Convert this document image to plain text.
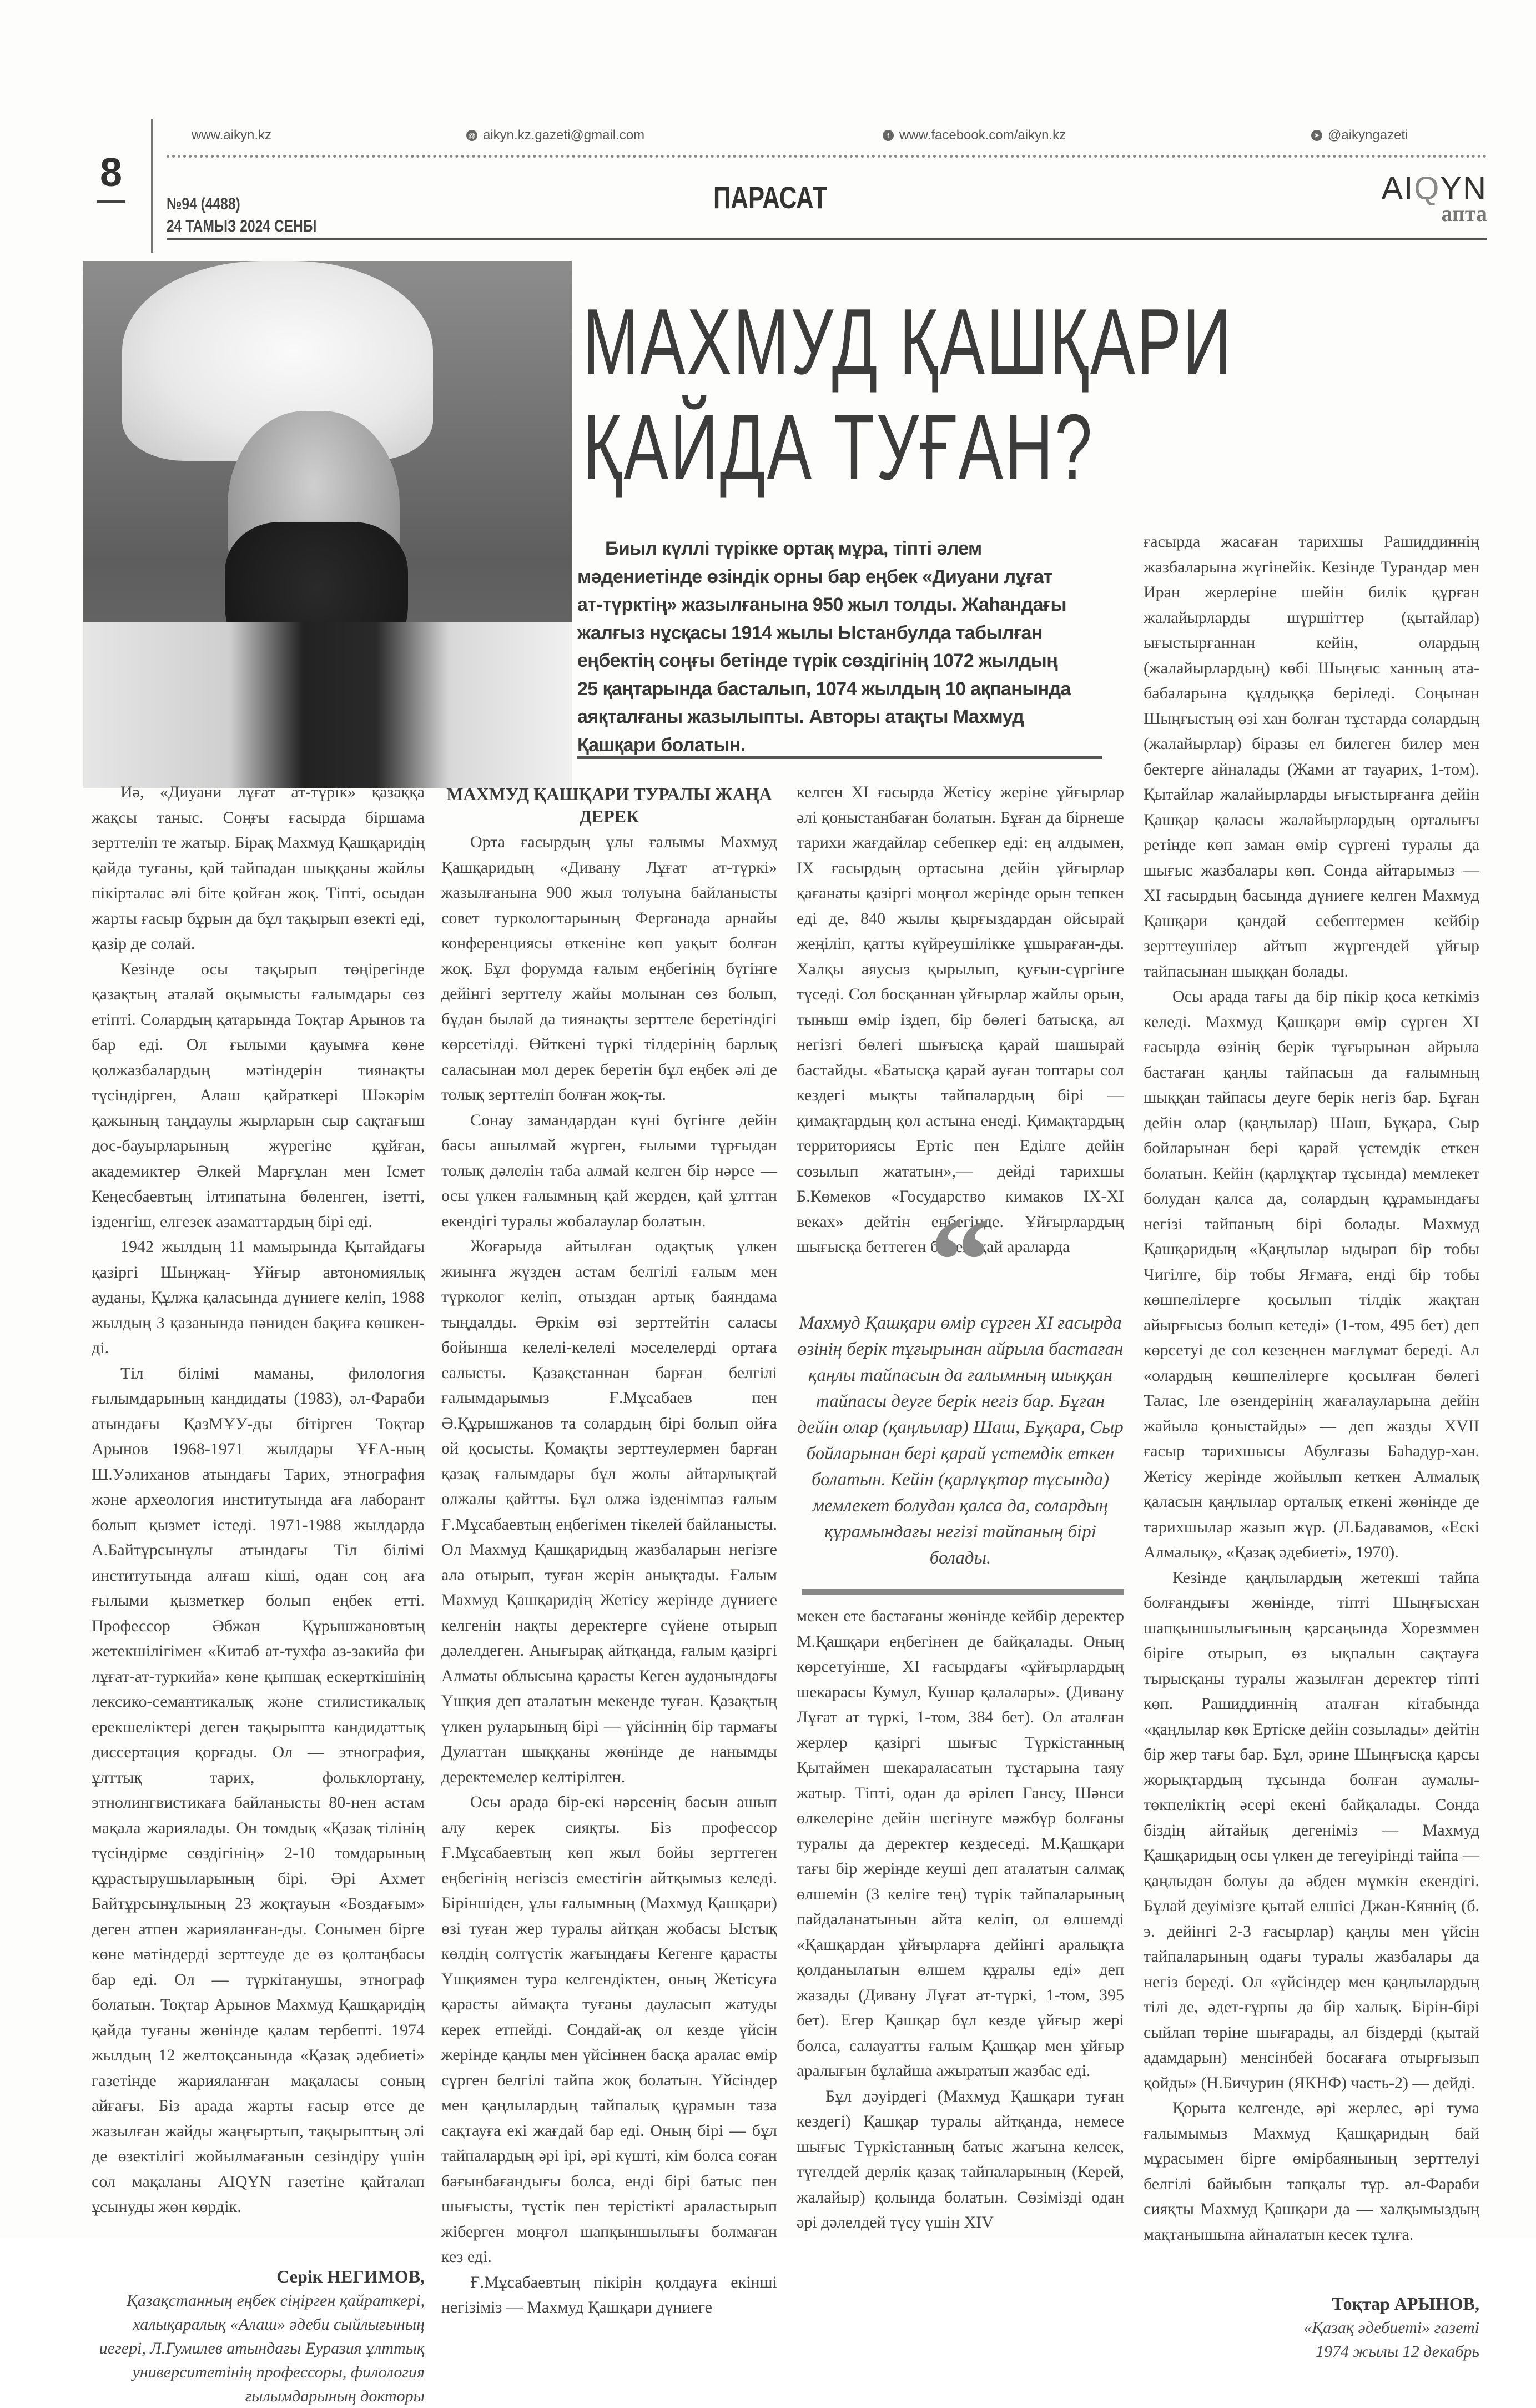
8
www.aikyn.kz	@ aikyn.kz.gazeti@gmail.com	f www.facebook.com/aikyn.kz	➤ @aikyngazeti
№94 (4488)
24 ТАМЫЗ 2024 СЕНБІ
ПАРАСАТ	AIQYN
апта
МАХМУД ҚАШҚАРИ
ҚАЙДА ТУҒАН?
Биыл күллі түрікке ортақ мұра, тіпті әлем мәдениетінде өзіндік орны бар еңбек «Диуани лұғат ат-түрктің» жазылғанына 950 жыл толды. Жаһандағы жалғыз нұсқасы 1914 жылы Ыстанбулда табылған еңбектің соңғы бетінде түрік сөздігінің 1072 жылдың 25 қаңтарында басталып, 1074 жылдың 10 ақпанында аяқталғаны жазылыпты. Авторы атақты Махмуд Қашқари болатын.

Иә, «Диуани лұғат ат-түрік» қазаққа жақсы таныс. Соңғы ғасырда біршама зерттеліп те жатыр. Бірақ Махмуд Қашқаридің қайда туғаны, қай тайпадан шыққаны жайлы пікірталас әлі біте қойған жоқ. Тіпті, осыдан жарты ғасыр бұрын да бұл тақырып өзекті еді, қазір де солай.

Кезінде осы тақырып төңірегінде қазақтың аталай оқымысты ғалымдары сөз етіпті. Солардың қатарында Тоқтар Арынов та бар еді. Ол ғылыми қауымға көне қолжазбалардың мәтіндерін тиянақты түсіндірген, Алаш қайраткері Шәкәрім қажының таңдаулы жырларын сыр сақтағыш дос-бауырларының жүрегіне құйған, академиктер Әлкей Марғұлан мен Ісмет Кеңесбаевтың ілтипатына бөленген, ізетті, ізденгіш, елгезек азаматтардың бірі еді.

1942 жылдың 11 мамырында Қытайдағы қазіргі Шыңжаң- Ұйғыр автономиялық ауданы, Құлжа қаласында дүниеге келіп, 1988 жылдың 3 қазанында пәниден бақиға көшкен-ді.

Тіл білімі маманы, филология ғылымдарының кандидаты (1983), әл-Фараби атындағы ҚазМҰУ-ды бітірген Тоқтар Арынов 1968-1971 жылдары ҰҒА-ның Ш.Уәлиханов атындағы Тарих, этнография және археология институтында аға лаборант болып қызмет істеді. 1971-1988 жылдарда А.Байтұрсынұлы атындағы Тіл білімі институтында алғаш кіші, одан соң аға ғылыми қызметкер болып еңбек етті. Профессор Әбжан Құрышжановтың жетекшілігімен «Китаб ат-тухфа аз-закийа фи лұғат-ат-туркийа» көне қыпшақ ескерткішінің лексико-семантикалық және стилистикалық ерекшеліктері деген тақырыпта кандидаттық диссертация қорғады. Ол — этнография, ұлттық тарих, фольклортану, этнолингвистикаға байланысты 80-нен астам мақала жариялады. Он томдық «Қазақ тілінің түсіндірме сөздігінің» 2-10 томдарының құрастырушыларының бірі. Әрі Ахмет Байтұрсынұлының 23 жоқтауын «Боздағым» деген атпен жарияланған-ды. Сонымен бірге көне мәтіндерді зерттеуде де өз қолтаңбасы бар еді. Ол — түркітанушы, этнограф болатын. Тоқтар Арынов Махмуд Қашқаридің қайда туғаны жөнінде қалам тербепті. 1974 жылдың 12 желтоқсанында «Қазақ әдебиеті» газетінде жарияланған мақаласы соның айғағы. Біз арада жарты ғасыр өтсе де жазылған жайды жаңғыртып, тақырыптың әлі де өзектілігі жойылмағанын сезіндіру үшін сол мақаланы AIQYN газетіне қайталап ұсынуды жөн көрдік.

Серік НЕГИМОВ,
Қазақстанның еңбек сіңірген қайраткері, халықаралық «Алаш» әдеби сыйлығының иегері, Л.Гумилев атындағы Еуразия ұлттық университетінің профессоры, филология ғылымдарының докторы
МАХМУД ҚАШҚАРИ ТУРАЛЫ ЖАҢА ДЕРЕК

Орта ғасырдың ұлы ғалымы Махмуд Қашқаридың «Дивану Лұғат ат-түркі» жазылғанына 900 жыл толуына байланысты совет туркологтарының Ферғанада арнайы конференциясы өткеніне көп уақыт болған жоқ. Бұл форумда ғалым еңбегінің бүгінге дейінгі зерттелу жайы молынан сөз болып, бұдан былай да тиянақты зерттеле беретіндігі көрсетілді. Өйткені түркі тілдерінің барлық саласынан мол дерек беретін бұл еңбек әлі де толық зерттеліп болған жоқ-ты.

Сонау замандардан күні бүгінге дейін басы ашылмай жүрген, ғылыми тұрғыдан толық дәлелін таба алмай келген бір нәрсе — осы үлкен ғалымның қай жерден, қай ұлттан екендігі туралы жобалаулар болатын.

Жоғарыда айтылған одақтық үлкен жиынға жүзден астам белгілі ғалым мен түрколог келіп, отыздан артық баяндама тыңдалды. Әркім өзі зерттейтін саласы бойынша келелі-келелі мәселелерді ортаға салысты. Қазақстаннан барған белгілі ғалымдарымыз Ғ.Мұсабаев пен Ә.Құрышжанов та солардың бірі болып ойға ой қосысты. Қомақты зерттеулермен барған қазақ ғалымдары бұл жолы айтарлықтай олжалы қайтты. Бұл олжа ізденімпаз ғалым Ғ.Мұсабаевтың еңбегімен тікелей байланысты. Ол Махмуд Қашқаридың жазбаларын негізге ала отырып, туған жерін анықтады. Ғалым Махмуд Қашқаридің Жетісу жерінде дүниеге келгенін нақты деректерге сүйене отырып дәлелдеген. Анығырақ айтқанда, ғалым қазіргі Алматы облысына қарасты Кеген ауданындағы Үшқия деп аталатын мекенде туған. Қазақтың үлкен руларының бірі — үйсіннің бір тармағы Дулаттан шыққаны жөнінде де нанымды деректемелер келтірілген.

Осы арада бір-екі нәрсенің басын ашып алу керек сияқты. Біз профессор Ғ.Мұсабаевтың көп жыл бойы зерттеген еңбегінің негізсіз еместігін айтқымыз келеді. Біріншіден, ұлы ғалымның (Махмуд Қашқари) өзі туған жер туралы айтқан жобасы Ыстық көлдің солтүстік жағындағы Кегенге қарасты Үшқиямен тура келгендіктен, оның Жетісуға қарасты аймақта туғаны дауласып жатуды керек етпейді. Сондай-ақ ол кезде үйсін жерінде қаңлы мен үйсіннен басқа аралас өмір сүрген белгілі тайпа жоқ болатын. Үйсіндер мен қаңлылардың тайпалық құрамын таза сақтауға екі жағдай бар еді. Оның бірі — бұл тайпалардың әрі ірі, әрі күшті, кім болса соған бағынбағандығы болса, енді бірі батыс пен шығысты, түстік пен терістікті араластырып жіберген моңғол шапқыншылығы болмаған кез еді.

Ғ.Мұсабаевтың пікірін қолдауға екінші негізіміз — Махмуд Қашқари дүниеге

келген XI ғасырда Жетісу жеріне ұйғырлар әлі қоныстанбаған болатын. Бұған да бірнеше тарихи жағдайлар себепкер еді: ең алдымен, IX ғасырдың ортасына дейін ұйғырлар қағанаты қазіргі моңғол жерінде орын тепкен еді де, 840 жылы қырғыздардан ойсырай жеңіліп, қатты күйреушілікке ұшыраған-ды. Халқы аяусыз қырылып, қуғын-сүргінге түседі. Сол босқаннан ұйғырлар жайлы орын, тыныш өмір іздеп, бір бөлегі батысқа, ал негізгі бөлегі шығысқа қарай шашырай бастайды. «Батысқа қарай ауған топтары сол кездегі мықты тайпалардың бірі — қимақтардың қол астына енеді. Қимақтардың территориясы Ертіс пен Еділге дейін созылып жататын»,— дейді тарихшы Б.Көмеков «Государство кимаков IX-XI веках» дейтін еңбегінде. Ұйғырлардың шығысқа беттеген бөлегі қай араларда

“
Махмуд Қашқари өмір сүрген XI ғасырда өзінің берік тұғырынан айрыла бастаған қаңлы тайпасын да ғалымның шыққан тайпасы деуге берік негіз бар. Бұған дейін олар (қаңлылар) Шаш, Бұқара, Сыр бойларынан бері қарай үстемдік еткен болатын. Кейін (қарлұқтар тұсында) мемлекет болудан қалса да, солардың құрамындағы негізі тайпаның бірі болады.

мекен ете бастағаны жөнінде кейбір деректер М.Қашқари еңбегінен де байқалады. Оның көрсетуінше, XI ғасырдағы «ұйғырлардың шекарасы Кумул, Кушар қалалары». (Дивану Лұғат ат түркі, 1-том, 384 бет). Ол аталған жерлер қазіргі шығыс Түркістанның Қытаймен шекараласатын тұстарына таяу жатыр. Тіпті, одан да әрілеп Гансу, Шәнси өлкелеріне дейін шегінуге мәжбүр болғаны туралы да деректер кездеседі. М.Қашқари тағы бір жерінде кеуші деп аталатын салмақ өлшемін (3 келіге тең) түрік тайпаларының пайдаланатынын айта келіп, ол өлшемді «Қашқардан ұйғырларға дейінгі аралықта қолданылатын өлшем құралы еді» деп жазады (Дивану Лұғат ат-түркі, 1-том, 395 бет). Егер Қашқар бұл кезде ұйғыр жері болса, салауатты ғалым Қашқар мен ұйғыр аралығын бұлайша ажыратып жазбас еді.

Бұл дәуірдегі (Махмуд Қашқари туған кездегі) Қашқар туралы айтқанда, немесе шығыс Түркістанның батыс жағына келсек, түгелдей дерлік қазақ тайпаларының (Керей, жалайыр) қолында болатын. Сөзімізді одан әрі дәлелдей түсу үшін XIV

ғасырда жасаған тарихшы Рашиддиннің жазбаларына жүгінейік. Кезінде Турандар мен Иран жерлеріне шейін билік құрған жалайырларды шүршіттер (қытайлар) ығыстырғаннан кейін, олардың (жалайырлардың) көбі Шыңғыс ханның ата-бабаларына құлдыққа беріледі. Соңынан Шыңғыстың өзі хан болған тұстарда солардың (жалайырлар) біразы ел билеген билер мен бектерге айналады (Жами ат тауарих, 1-том). Қытайлар жалайырларды ығыстырғанға дейін Қашқар қаласы жалайырлардың орталығы ретінде көп заман өмір сүргені туралы да шығыс жазбалары көп. Сонда айтарымыз — XI ғасырдың басында дүниеге келген Махмуд Қашқари қандай себептермен кейбір зерттеушілер айтып жүргендей ұйғыр тайпасынан шыққан болады.

Осы арада тағы да бір пікір қоса кеткіміз келеді. Махмуд Қашқари өмір сүрген XI ғасырда өзінің берік тұғырынан айрыла бастаған қаңлы тайпасын да ғалымның шыққан тайпасы деуге берік негіз бар. Бұған дейін олар (қаңлылар) Шаш, Бұқара, Сыр бойларынан бері қарай үстемдік еткен болатын. Кейін (қарлұқтар тұсында) мемлекет болудан қалса да, солардың құрамындағы негізі тайпаның бірі болады. Махмуд Қашқаридың «Қаңлылар ыдырап бір тобы Чигілге, бір тобы Яғмаға, енді бір тобы көшпелілерге қосылып тілдік жақтан айырғысыз болып кетеді» (1-том, 495 бет) деп көрсетуі де сол кезеңнен мағлұмат береді. Ал «олардың көшпелілерге қосылған бөлегі Талас, Іле өзендерінің жағалауларына дейін жайыла қоныстайды» — деп жазды XVII ғасыр тарихшысы Абулғазы Баһадур-хан. Жетісу жерінде жойылып кеткен Алмалық қаласын қаңлылар орталық еткені жөнінде де тарихшылар жазып жүр. (Л.Бадавамов, «Ескі Алмалық», «Қазақ әдебиеті», 1970).

Кезінде қаңлылардың жетекші тайпа болғандығы жөнінде, тіпті Шыңғысхан шапқыншылығының қарсаңында Хорезммен біріге отырып, өз ықпалын сақтауға тырысқаны туралы жазылған деректер тіпті көп. Рашиддиннің аталған кітабында «қаңлылар көк Ертіске дейін созылады» дейтін бір жер тағы бар. Бұл, әрине Шыңғысқа қарсы жорықтардың тұсында болған аумалы-төкпеліктің әсері екені байқалады. Сонда біздің айтайық дегеніміз — Махмуд Қашқаридың осы үлкен де тегеуірінді тайпа — қаңлыдан болуы да әбден мүмкін екендігі. Бұлай деуімізге қытай елшісі Джан-Кяннің (б. э. дейінгі 2-3 ғасырлар) қаңлы мен үйсін тайпаларының одағы туралы жазбалары да негіз береді. Ол «үйсіндер мен қаңлылардың тілі де, әдет-ғұрпы да бір халық. Бірін-бірі сыйлап төріне шығарады, ал біздерді (қытай адамдарын) менсінбей босағаға отырғызып қойды» (Н.Бичурин (ЯКНФ) часть-2) — дейді.

Қорыта келгенде, әрі жерлес, әрі тума ғалымымыз Махмуд Қашқаридың бай мұрасымен бірге өмірбаянының зерттелуі белгілі байыбын тапқалы тұр. әл-Фараби сияқты Махмуд Қашқари да — халқымыздың мақтанышына айналатын кесек тұлға.

Тоқтар АРЫНОВ,
«Қазақ әдебиеті» газеті
1974 жылы 12 декабрь
